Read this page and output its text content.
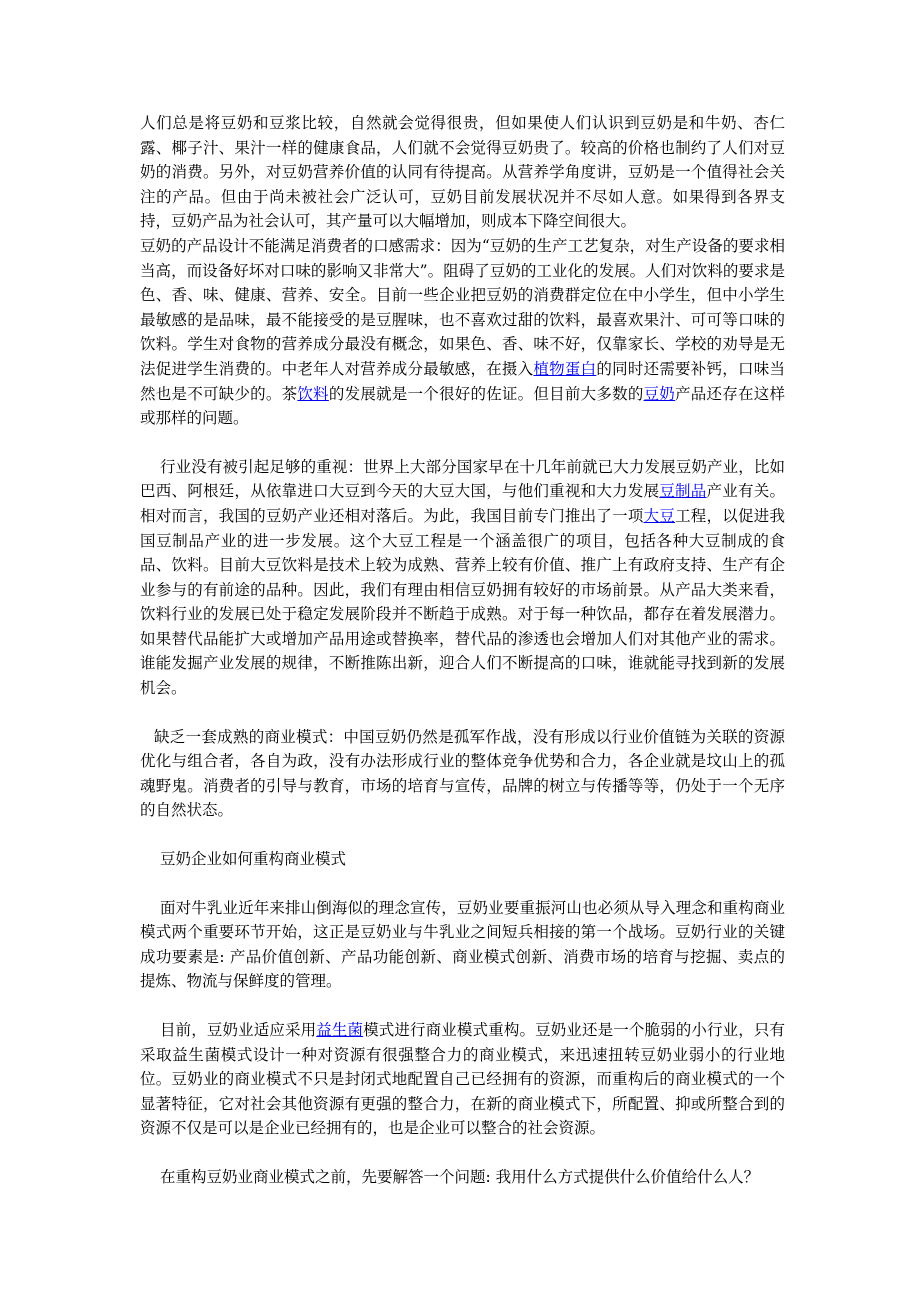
人们总是将豆奶和豆浆比较，自然就会觉得很贵，但如果使人们认识到豆奶是和牛奶、杏仁露、椰子汁、果汁一样的健康食品，人们就不会觉得豆奶贵了。较高的价格也制约了人们对豆奶的消费。另外，对豆奶营养价值的认同有待提高。从营养学角度讲，豆奶是一个值得社会关注的产品。但由于尚未被社会广泛认可，豆奶目前发展状况并不尽如人意。如果得到各界支持，豆奶产品为社会认可，其产量可以大幅增加，则成本下降空间很大。

豆奶的产品设计不能满足消费者的口感需求：因为“豆奶的生产工艺复杂，对生产设备的要求相当高，而设备好坏对口味的影响又非常大”。阻碍了豆奶的工业化的发展。人们对饮料的要求是 色、香、味、健康、营养、安全。目前一些企业把豆奶的消费群定位在中小学生，但中小学生最敏感的是品味，最不能接受的是豆腥味，也不喜欢过甜的饮料，最喜欢果汁、可可等口味的饮料。学生对食物的营养成分最没有概念，如果色、香、味不好，仅靠家长、学校的劝导是无法促进学生消费的。中老年人对营养成分最敏感，在摄入植物蛋白的同时还需要补钙，口味当然也是不可缺少的。茶饮料的发展就是一个很好的佐证。但目前大多数的豆奶产品还存在这样或那样的问题。

行业没有被引起足够的重视：世界上大部分国家早在十几年前就已大力发展豆奶产业，比如巴西、阿根廷，从依靠进口大豆到今天的大豆大国，与他们重视和大力发展豆制品产业有关。相对而言，我国的豆奶产业还相对落后。为此，我国目前专门推出了一项大豆工程，以促进我国豆制品产业的进一步发展。这个大豆工程是一个涵盖很广的项目，包括各种大豆制成的食品、饮料。目前大豆饮料是技术上较为成熟、营养上较有价值、推广上有政府支持、生产有企业参与的有前途的品种。因此，我们有理由相信豆奶拥有较好的市场前景。从产品大类来看，饮料行业的发展已处于稳定发展阶段并不断趋于成熟。对于每一种饮品，都存在着发展潜力。如果替代品能扩大或增加产品用途或替换率，替代品的渗透也会增加人们对其他产业的需求。谁能发掘产业发展的规律，不断推陈出新，迎合人们不断提高的口味，谁就能寻找到新的发展机会。

缺乏一套成熟的商业模式：中国豆奶仍然是孤军作战，没有形成以行业价值链为关联的资源优化与组合者，各自为政，没有办法形成行业的整体竞争优势和合力，各企业就是坟山上的孤魂野鬼。消费者的引导与教育，市场的培育与宣传，品牌的树立与传播等等，仍处于一个无序的自然状态。

豆奶企业如何重构商业模式

面对牛乳业近年来排山倒海似的理念宣传，豆奶业要重振河山也必须从导入理念和重构商业模式两个重要环节开始，这正是豆奶业与牛乳业之间短兵相接的第一个战场。豆奶行业的关键成功要素是: 产品价值创新、产品功能创新、商业模式创新、消费市场的培育与挖掘、卖点的提炼、物流与保鲜度的管理。

目前，豆奶业适应采用益生菌模式进行商业模式重构。豆奶业还是一个脆弱的小行业，只有采取益生菌模式设计一种对资源有很强整合力的商业模式，来迅速扭转豆奶业弱小的行业地位。豆奶业的商业模式不只是封闭式地配置自己已经拥有的资源，而重构后的商业模式的一个显著特征，它对社会其他资源有更强的整合力，在新的商业模式下，所配置、抑或所整合到的资源不仅是可以是企业已经拥有的，也是企业可以整合的社会资源。

在重构豆奶业商业模式之前，先要解答一个问题: 我用什么方式提供什么价值给什么人？
